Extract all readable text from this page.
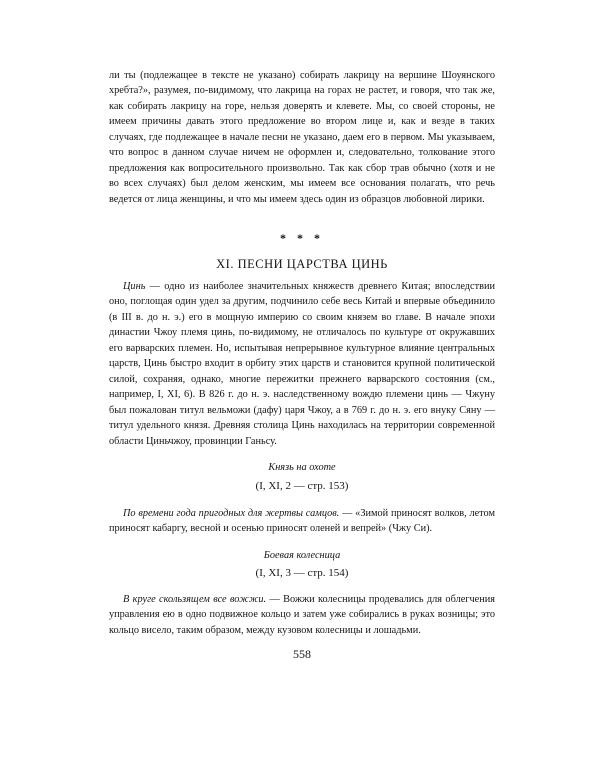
ли ты (подлежащее в тексте не указано) собирать лакрицу на вершине Шоуянского хребта?», разумея, по-видимому, что лакрица на горах не растет, и говоря, что так же, как собирать лакрицу на горе, нельзя доверять и клевете. Мы, со своей стороны, не имеем причины давать этого предложение во втором лице и, как и везде в таких случаях, где подлежащее в начале песни не указано, даем его в первом. Мы указываем, что вопрос в данном случае ничем не оформлен и, следовательно, толкование этого предложения как вопросительного произвольно. Так как сбор трав обычно (хотя и не во всех случаях) был делом женским, мы имеем все основания полагать, что речь ведется от лица женщины, и что мы имеем здесь один из образцов любовной лирики.

* * *
XI. ПЕСНИ ЦАРСТВА ЦИНЬ

Цинь — одно из наиболее значительных княжеств древнего Китая; впоследствии оно, поглощая один удел за другим, подчинило себе весь Китай и впервые объединило (в III в. до н. э.) его в мощную империю со своим князем во главе. В начале эпохи династии Чжоу племя цинь, по-видимому, не отличалось по культуре от окружавших его варварских племен. Но, испытывая непрерывное культурное влияние центральных царств, Цинь быстро входит в орбиту этих царств и становится крупной политической силой, сохраняя, однако, многие пережитки прежнего варварского состояния (см., например, I, XI, 6). В 826 г. до н. э. наследственному вождю племени цинь — Чжуну был пожалован титул вельможи (дафу) царя Чжоу, а в 769 г. до н. э. его внуку Сяну — титул удельного князя. Древняя столица Цинь находилась на территории современной области Циньчжоу, провинции Ганьсу.

Князь на охоте
(I, XI, 2 — стр. 153)

По времени года пригодных для жертвы самцов. — «Зимой приносят волков, летом приносят кабаргу, весной и осенью приносят оленей и вепрей» (Чжу Си).

Боевая колесница
(I, XI, 3 — стр. 154)

В круге скользящем все вожжи. — Вожжи колесницы продевались для облегчения управления ею в одно подвижное кольцо и затем уже собирались в руках возницы; это кольцо висело, таким образом, между кузовом колесницы и лошадьми.

558
